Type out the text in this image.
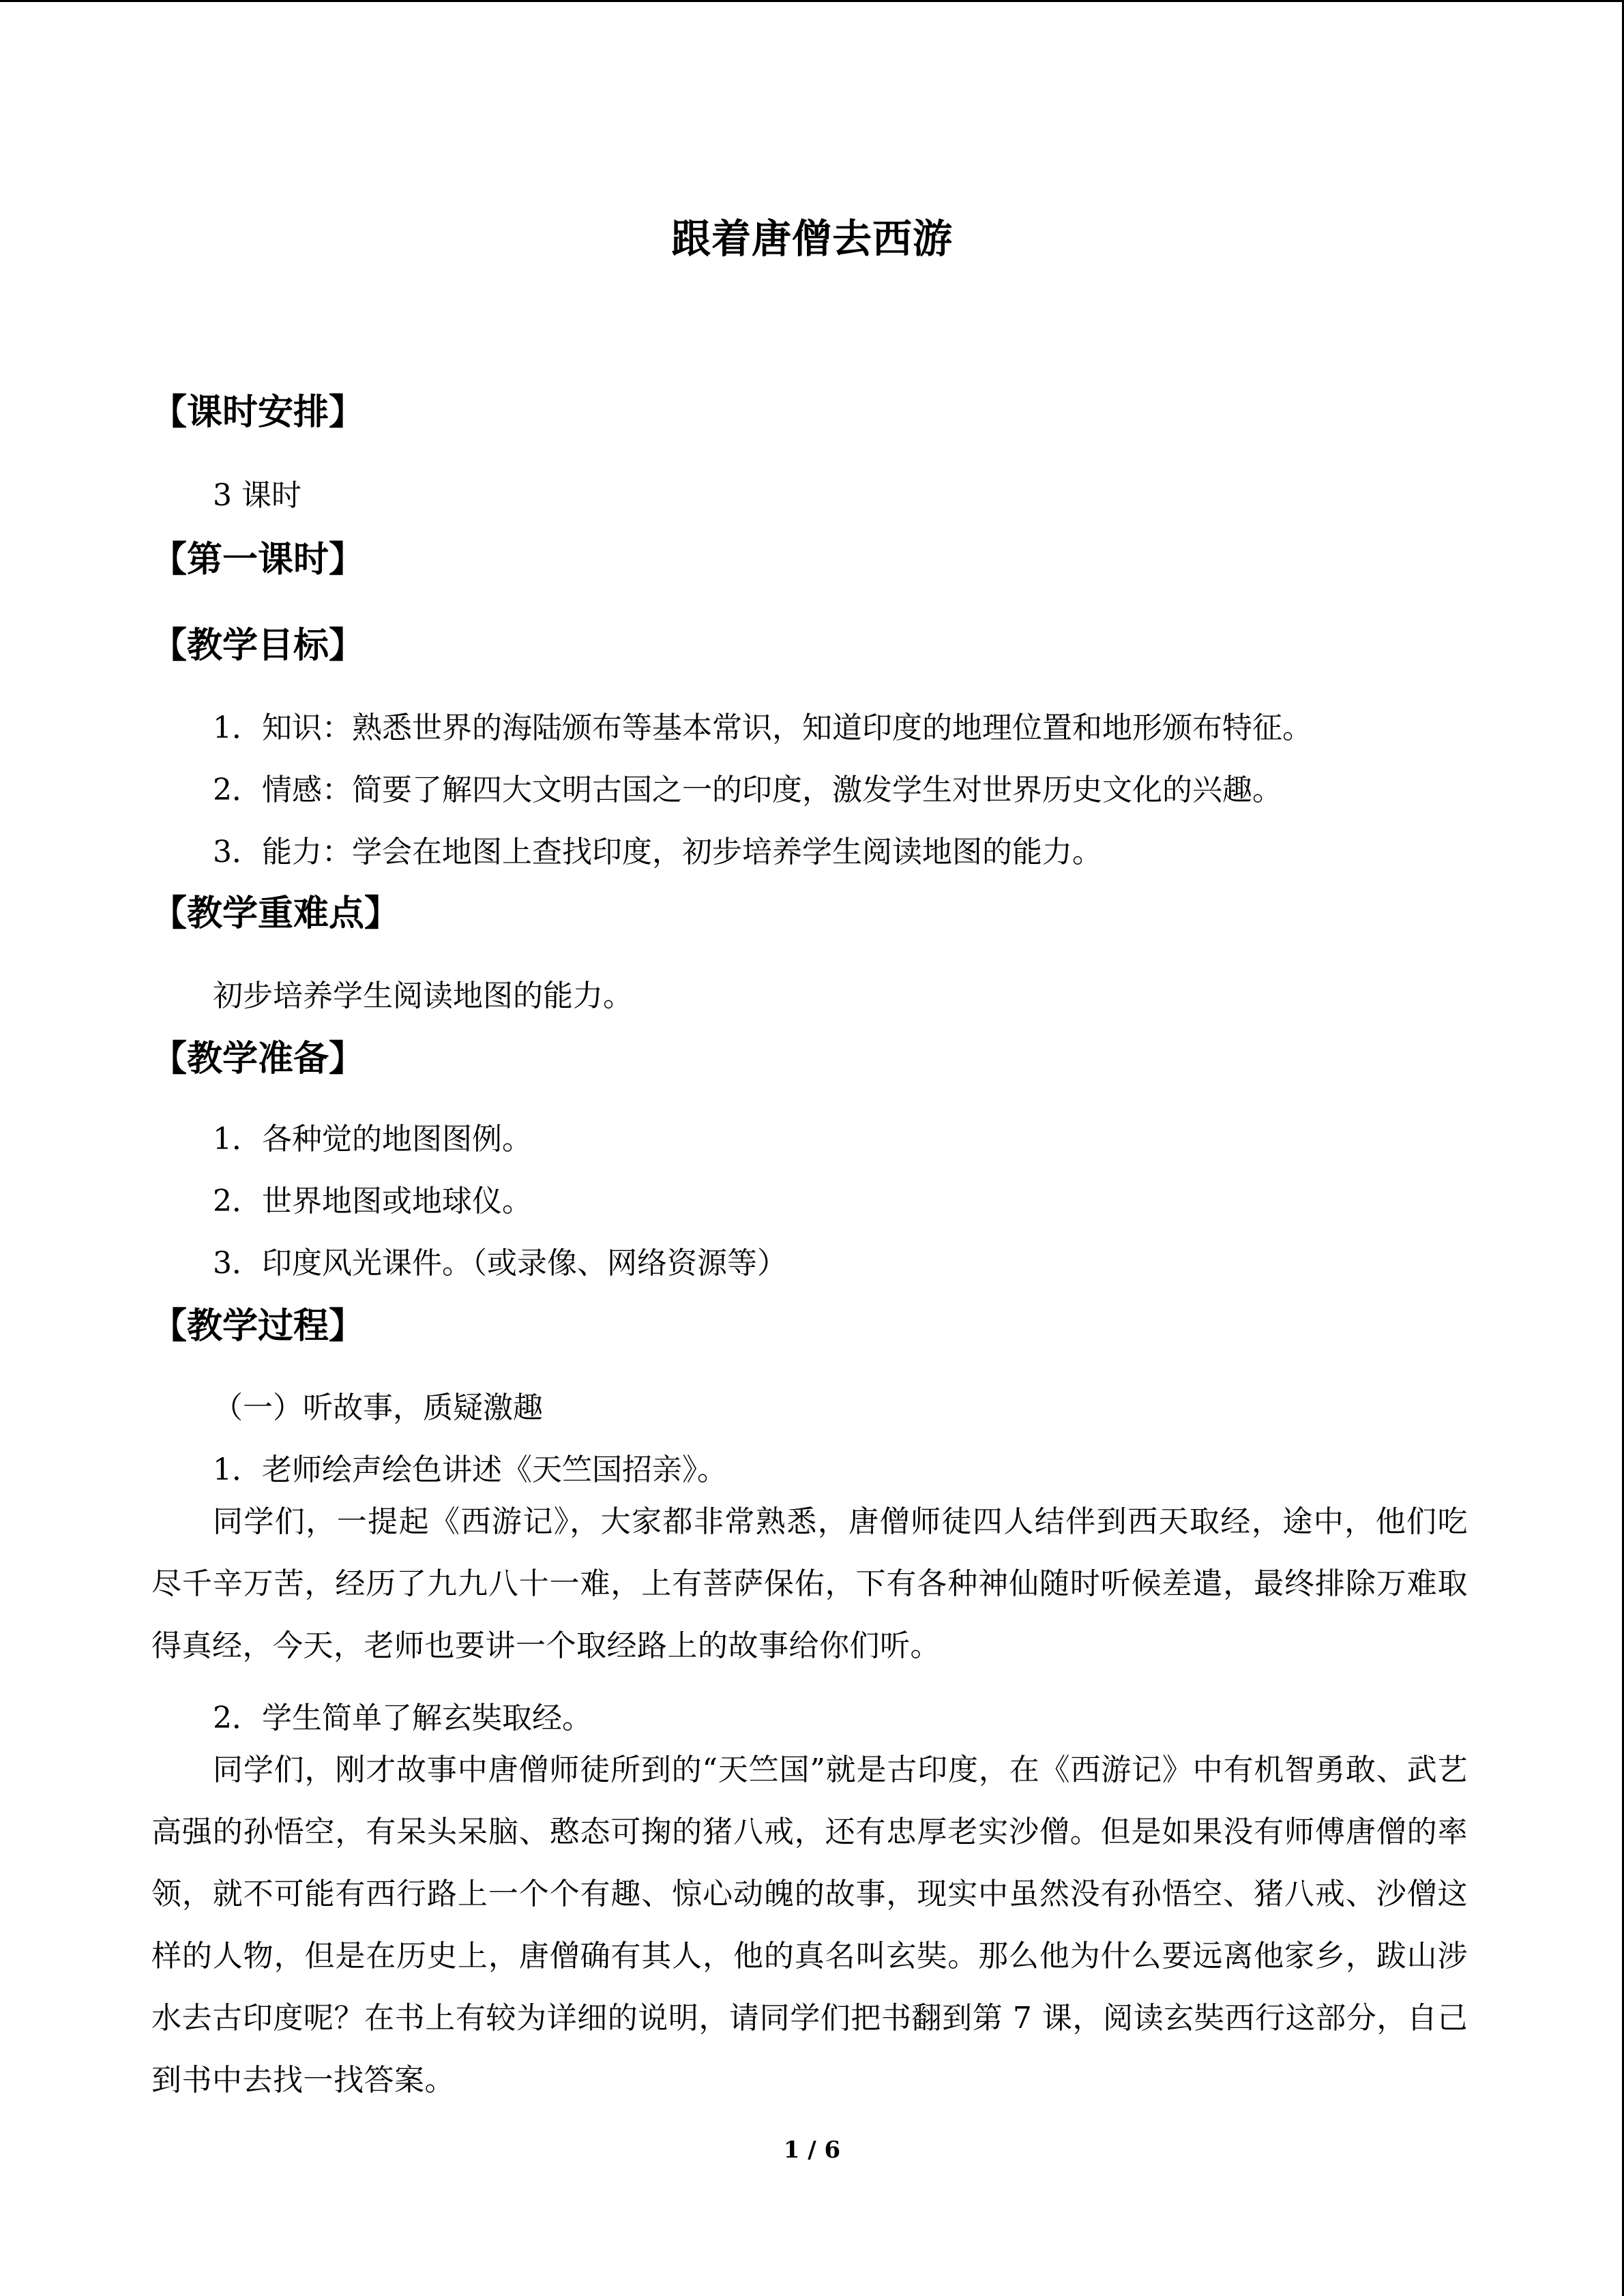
跟着唐僧去西游
【课时安排】
3 课时
【第一课时】
【教学目标】
1．知识：熟悉世界的海陆颁布等基本常识，知道印度的地理位置和地形颁布特征。
2．情感：简要了解四大文明古国之一的印度，激发学生对世界历史文化的兴趣。
3．能力：学会在地图上查找印度，初步培养学生阅读地图的能力。
【教学重难点】
初步培养学生阅读地图的能力。
【教学准备】
1．各种觉的地图图例。
2．世界地图或地球仪。
3．印度风光课件。（或录像、网络资源等）
【教学过程】
（一）听故事，质疑激趣
1．老师绘声绘色讲述《天竺国招亲》。

同学们，一提起《西游记》，大家都非常熟悉，唐僧师徒四人结伴到西天取经，途中，他们吃尽千辛万苦，经历了九九八十一难，上有菩萨保佑，下有各种神仙随时听候差遣，最终排除万难取得真经，今天，老师也要讲一个取经路上的故事给你们听。

2．学生简单了解玄奘取经。

同学们，刚才故事中唐僧师徒所到的“天竺国”就是古印度，在《西游记》中有机智勇敢、武艺高强的孙悟空，有呆头呆脑、憨态可掬的猪八戒，还有忠厚老实沙僧。但是如果没有师傅唐僧的率领，就不可能有西行路上一个个有趣、惊心动魄的故事，现实中虽然没有孙悟空、猪八戒、沙僧这样的人物，但是在历史上，唐僧确有其人，他的真名叫玄奘。那么他为什么要远离他家乡，跋山涉水去古印度呢？在书上有较为详细的说明，请同学们把书翻到第 7 课，阅读玄奘西行这部分，自己到书中去找一找答案。

1 / 6
